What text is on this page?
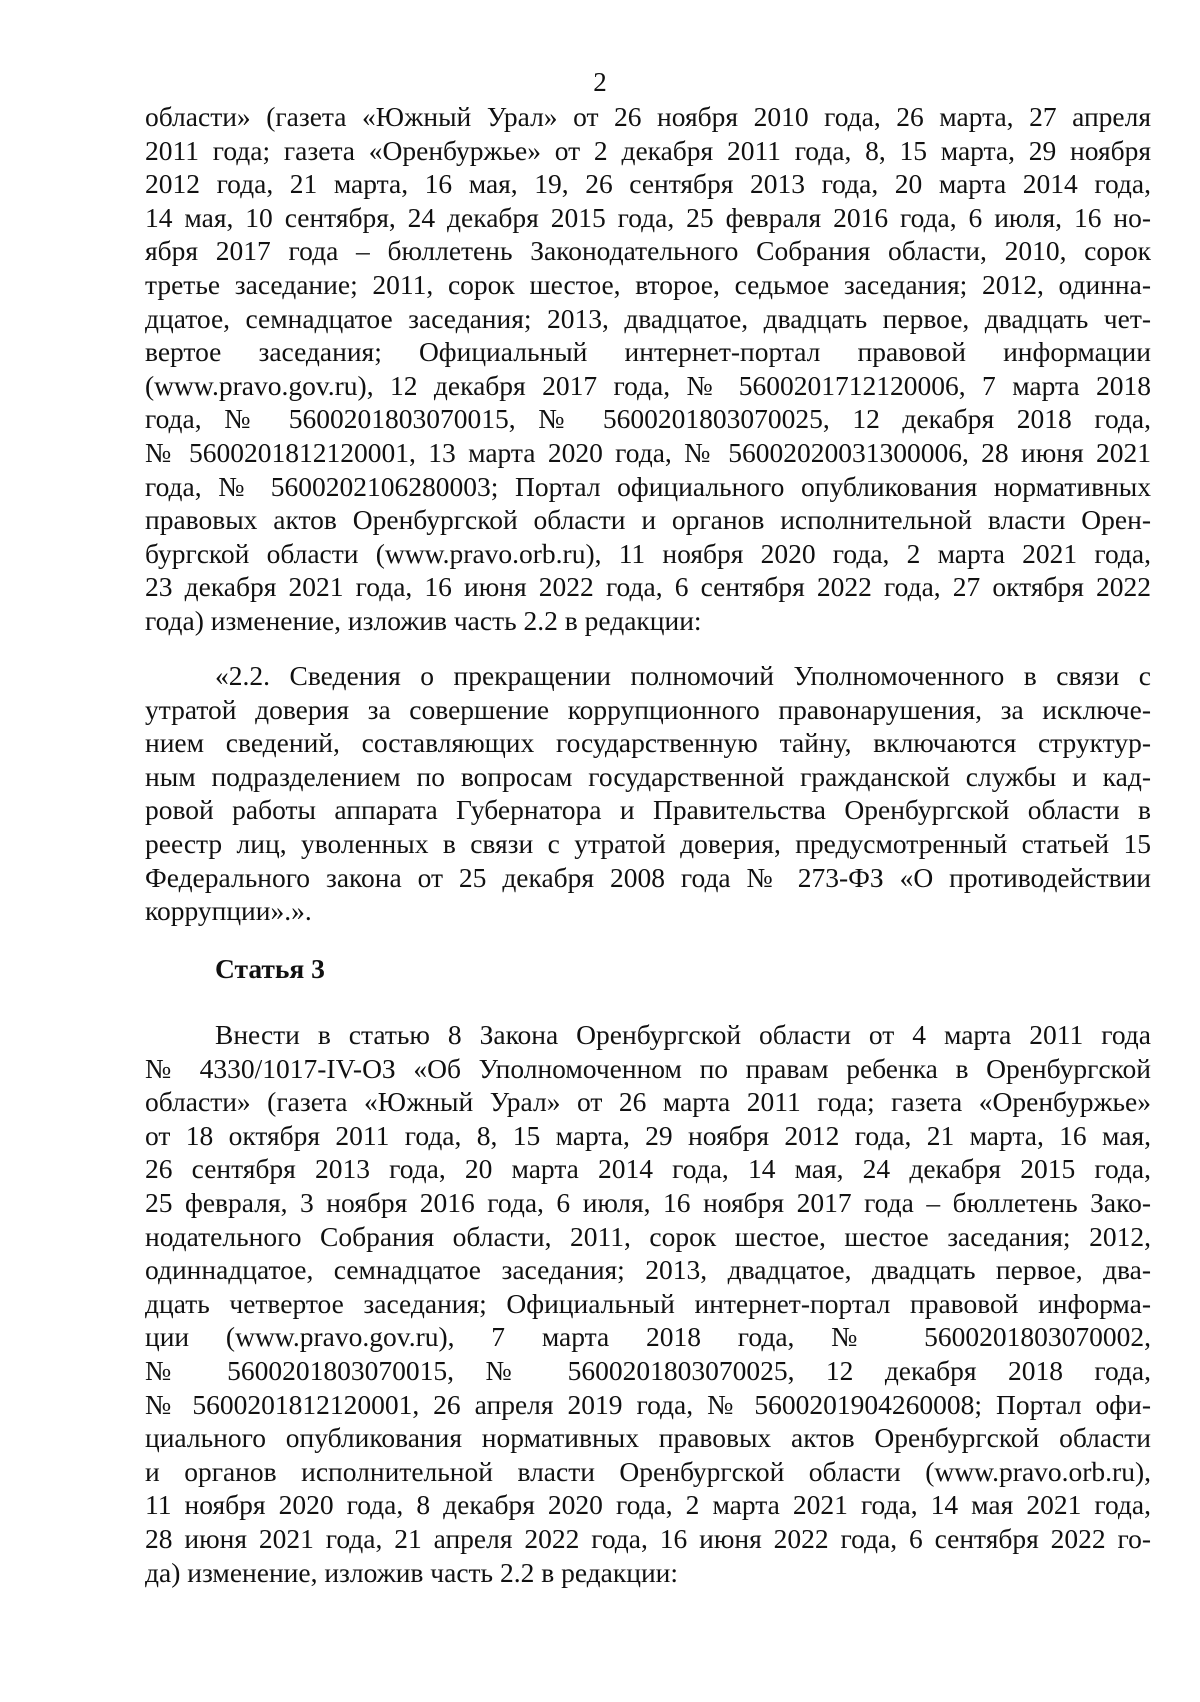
2
области» (газета «Южный Урал» от 26 ноября 2010 года, 26 марта, 27 апреля
2011 года; газета «Оренбуржье» от 2 декабря 2011 года, 8, 15 марта, 29 ноября
2012 года, 21 марта, 16 мая, 19, 26 сентября 2013 года, 20 марта 2014 года,
14 мая, 10 сентября, 24 декабря 2015 года, 25 февраля 2016 года, 6 июля, 16 но-
ября 2017 года – бюллетень Законодательного Собрания области, 2010, сорок
третье заседание; 2011, сорок шестое, второе, седьмое заседания; 2012, одинна-
дцатое, семнадцатое заседания; 2013, двадцатое, двадцать первое, двадцать чет-
вертое заседания; Официальный интернет-портал правовой информации
(www.pravo.gov.ru), 12 декабря 2017 года, № 5600201712120006, 7 марта 2018
года, № 5600201803070015, № 5600201803070025, 12 декабря 2018 года,
№ 5600201812120001, 13 марта 2020 года, № 56002020031300006, 28 июня 2021
года, № 5600202106280003; Портал официального опубликования нормативных
правовых актов Оренбургской области и органов исполнительной власти Орен-
бургской области (www.pravo.orb.ru), 11 ноября 2020 года, 2 марта 2021 года,
23 декабря 2021 года, 16 июня 2022 года, 6 сентября 2022 года, 27 октября 2022
года) изменение, изложив часть 2.2 в редакции:
«2.2. Сведения о прекращении полномочий Уполномоченного в связи с
утратой доверия за совершение коррупционного правонарушения, за исключе-
нием сведений, составляющих государственную тайну, включаются структур-
ным подразделением по вопросам государственной гражданской службы и кад-
ровой работы аппарата Губернатора и Правительства Оренбургской области в
реестр лиц, уволенных в связи с утратой доверия, предусмотренный статьей 15
Федерального закона от 25 декабря 2008 года № 273-ФЗ «О противодействии
коррупции».».
Статья 3
Внести в статью 8 Закона Оренбургской области от 4 марта 2011 года
№ 4330/1017-IV-ОЗ «Об Уполномоченном по правам ребенка в Оренбургской
области» (газета «Южный Урал» от 26 марта 2011 года; газета «Оренбуржье»
от 18 октября 2011 года, 8, 15 марта, 29 ноября 2012 года, 21 марта, 16 мая,
26 сентября 2013 года, 20 марта 2014 года, 14 мая, 24 декабря 2015 года,
25 февраля, 3 ноября 2016 года, 6 июля, 16 ноября 2017 года – бюллетень Зако-
нодательного Собрания области, 2011, сорок шестое, шестое заседания; 2012,
одиннадцатое, семнадцатое заседания; 2013, двадцатое, двадцать первое, два-
дцать четвертое заседания; Официальный интернет-портал правовой информа-
ции (www.pravo.gov.ru), 7 марта 2018 года, № 5600201803070002,
№ 5600201803070015, № 5600201803070025, 12 декабря 2018 года,
№ 5600201812120001, 26 апреля 2019 года, № 5600201904260008; Портал офи-
циального опубликования нормативных правовых актов Оренбургской области
и органов исполнительной власти Оренбургской области (www.pravo.orb.ru),
11 ноября 2020 года, 8 декабря 2020 года, 2 марта 2021 года, 14 мая 2021 года,
28 июня 2021 года, 21 апреля 2022 года, 16 июня 2022 года, 6 сентября 2022 го-
да) изменение, изложив часть 2.2 в редакции:
